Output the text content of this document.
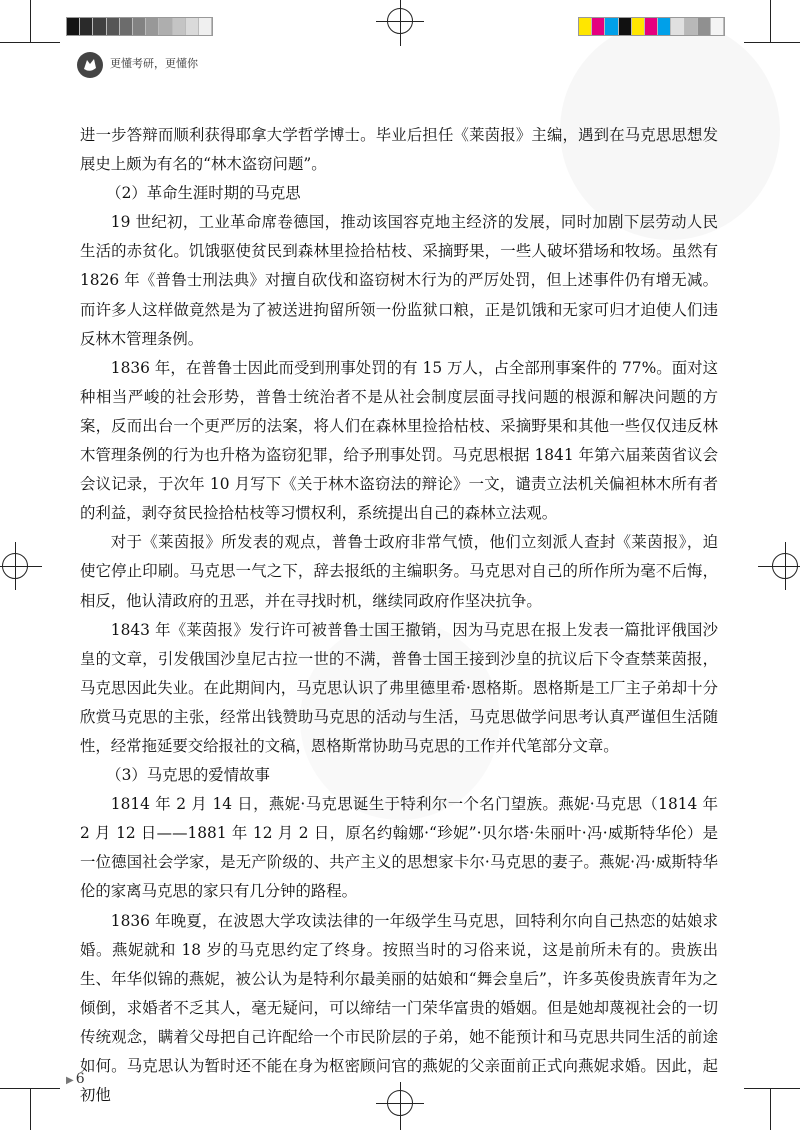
更懂考研，更懂你

进一步答辩而顺利获得耶拿大学哲学博士。毕业后担任《莱茵报》主编，遇到在马克思思想发展史上颇为有名的“林木盗窃问题”。

（2）革命生涯时期的马克思

19 世纪初，工业革命席卷德国，推动该国容克地主经济的发展，同时加剧下层劳动人民生活的赤贫化。饥饿驱使贫民到森林里捡拾枯枝、采摘野果，一些人破坏猎场和牧场。虽然有 1826 年《普鲁士刑法典》对擅自砍伐和盗窃树木行为的严厉处罚，但上述事件仍有增无减。而许多人这样做竟然是为了被送进拘留所领一份监狱口粮，正是饥饿和无家可归才迫使人们违反林木管理条例。

1836 年，在普鲁士因此而受到刑事处罚的有 15 万人，占全部刑事案件的 77%。面对这种相当严峻的社会形势，普鲁士统治者不是从社会制度层面寻找问题的根源和解决问题的方案，反而出台一个更严厉的法案，将人们在森林里捡拾枯枝、采摘野果和其他一些仅仅违反林木管理条例的行为也升格为盗窃犯罪，给予刑事处罚。马克思根据 1841 年第六届莱茵省议会会议记录，于次年 10 月写下《关于林木盗窃法的辩论》一文，谴责立法机关偏袒林木所有者的利益，剥夺贫民捡拾枯枝等习惯权利，系统提出自己的森林立法观。

对于《莱茵报》所发表的观点，普鲁士政府非常气愤，他们立刻派人查封《莱茵报》，迫使它停止印刷。马克思一气之下，辞去报纸的主编职务。马克思对自己的所作所为毫不后悔，相反，他认清政府的丑恶，并在寻找时机，继续同政府作坚决抗争。

1843 年《莱茵报》发行许可被普鲁士国王撤销，因为马克思在报上发表一篇批评俄国沙皇的文章，引发俄国沙皇尼古拉一世的不满，普鲁士国王接到沙皇的抗议后下令查禁莱茵报，马克思因此失业。在此期间内，马克思认识了弗里德里希·恩格斯。恩格斯是工厂主子弟却十分欣赏马克思的主张，经常出钱赞助马克思的活动与生活，马克思做学问思考认真严谨但生活随性，经常拖延要交给报社的文稿，恩格斯常协助马克思的工作并代笔部分文章。

（3）马克思的爱情故事

1814 年 2 月 14 日，燕妮·马克思诞生于特利尔一个名门望族。燕妮·马克思（1814 年 2 月 12 日——1881 年 12 月 2 日，原名约翰娜·“珍妮”·贝尔塔·朱丽叶·冯·威斯特华伦）是一位德国社会学家，是无产阶级的、共产主义的思想家卡尔·马克思的妻子。燕妮·冯·威斯特华伦的家离马克思的家只有几分钟的路程。

1836 年晚夏，在波恩大学攻读法律的一年级学生马克思，回特利尔向自己热恋的姑娘求婚。燕妮就和 18 岁的马克思约定了终身。按照当时的习俗来说，这是前所未有的。贵族出生、年华似锦的燕妮，被公认为是特利尔最美丽的姑娘和“舞会皇后”，许多英俊贵族青年为之倾倒，求婚者不乏其人，毫无疑问，可以缔结一门荣华富贵的婚姻。但是她却蔑视社会的一切传统观念，瞒着父母把自己许配给一个市民阶层的子弟，她不能预计和马克思共同生活的前途如何。马克思认为暂时还不能在身为枢密顾问官的燕妮的父亲面前正式向燕妮求婚。因此，起初他

▶ 6
